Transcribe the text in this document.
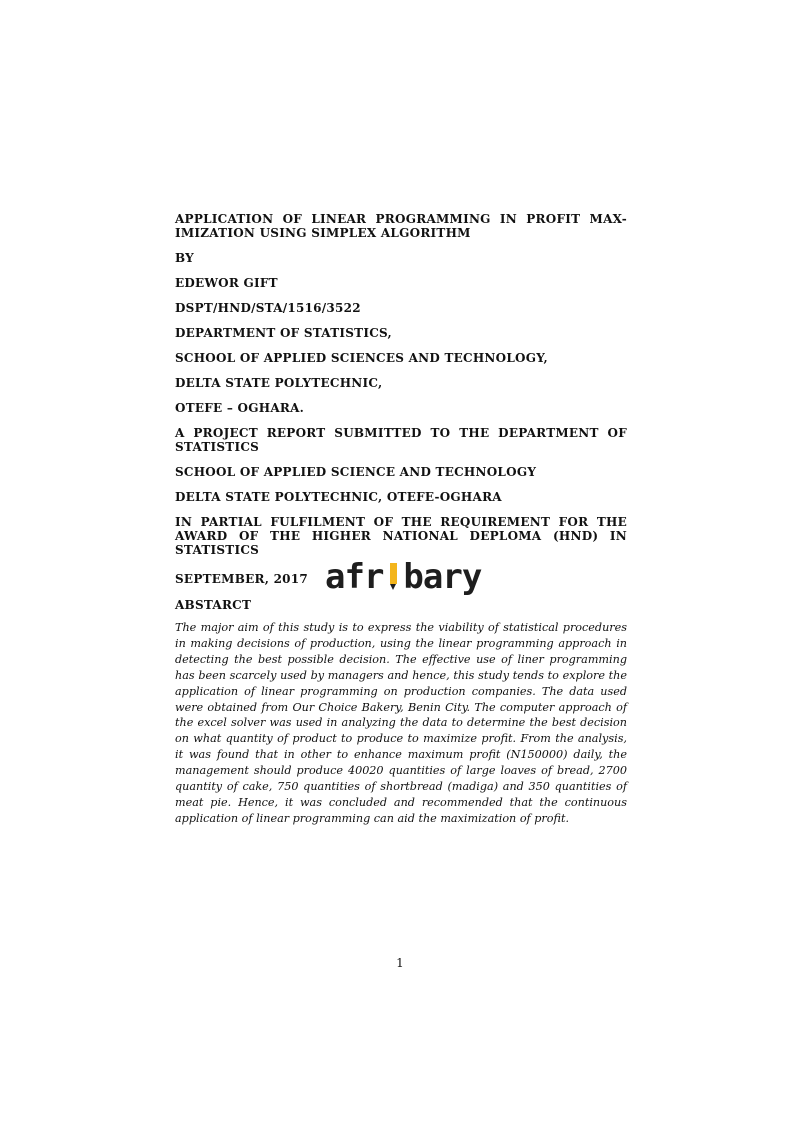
APPLICATION OF LINEAR PROGRAMMING IN PROFIT MAX-IMIZATION USING SIMPLEX ALGORITHM

BY

EDEWOR GIFT

DSPT/HND/STA/1516/3522

DEPARTMENT OF STATISTICS,

SCHOOL OF APPLIED SCIENCES AND TECHNOLOGY,

DELTA STATE POLYTECHNIC,

OTEFE – OGHARA.

A PROJECT REPORT SUBMITTED TO THE DEPARTMENT OF STATISTICS

SCHOOL OF APPLIED SCIENCE AND TECHNOLOGY

DELTA STATE POLYTECHNIC, OTEFE-OGHARA

IN PARTIAL FULFILMENT OF THE REQUIREMENT FOR THE AWARD OF THE HIGHER NATIONAL DEPLOMA (HND) IN STATISTICS

SEPTEMBER, 2017 afr bary

ABSTARCT

The major aim of this study is to express the viability of statistical procedures in making decisions of production, using the linear programming approach in detecting the best possible decision. The effective use of liner programming has been scarcely used by managers and hence, this study tends to explore the application of linear programming on production companies. The data used were obtained from Our Choice Bakery, Benin City. The computer approach of the excel solver was used in analyzing the data to determine the best decision on what quantity of product to produce to maximize profit. From the analysis, it was found that in other to enhance maximum profit (N150000) daily, the management should produce 40020 quantities of large loaves of bread, 2700 quantity of cake, 750 quantities of shortbread (madiga) and 350 quantities of meat pie. Hence, it was concluded and recommended that the continuous application of linear programming can aid the maximization of profit.

1
